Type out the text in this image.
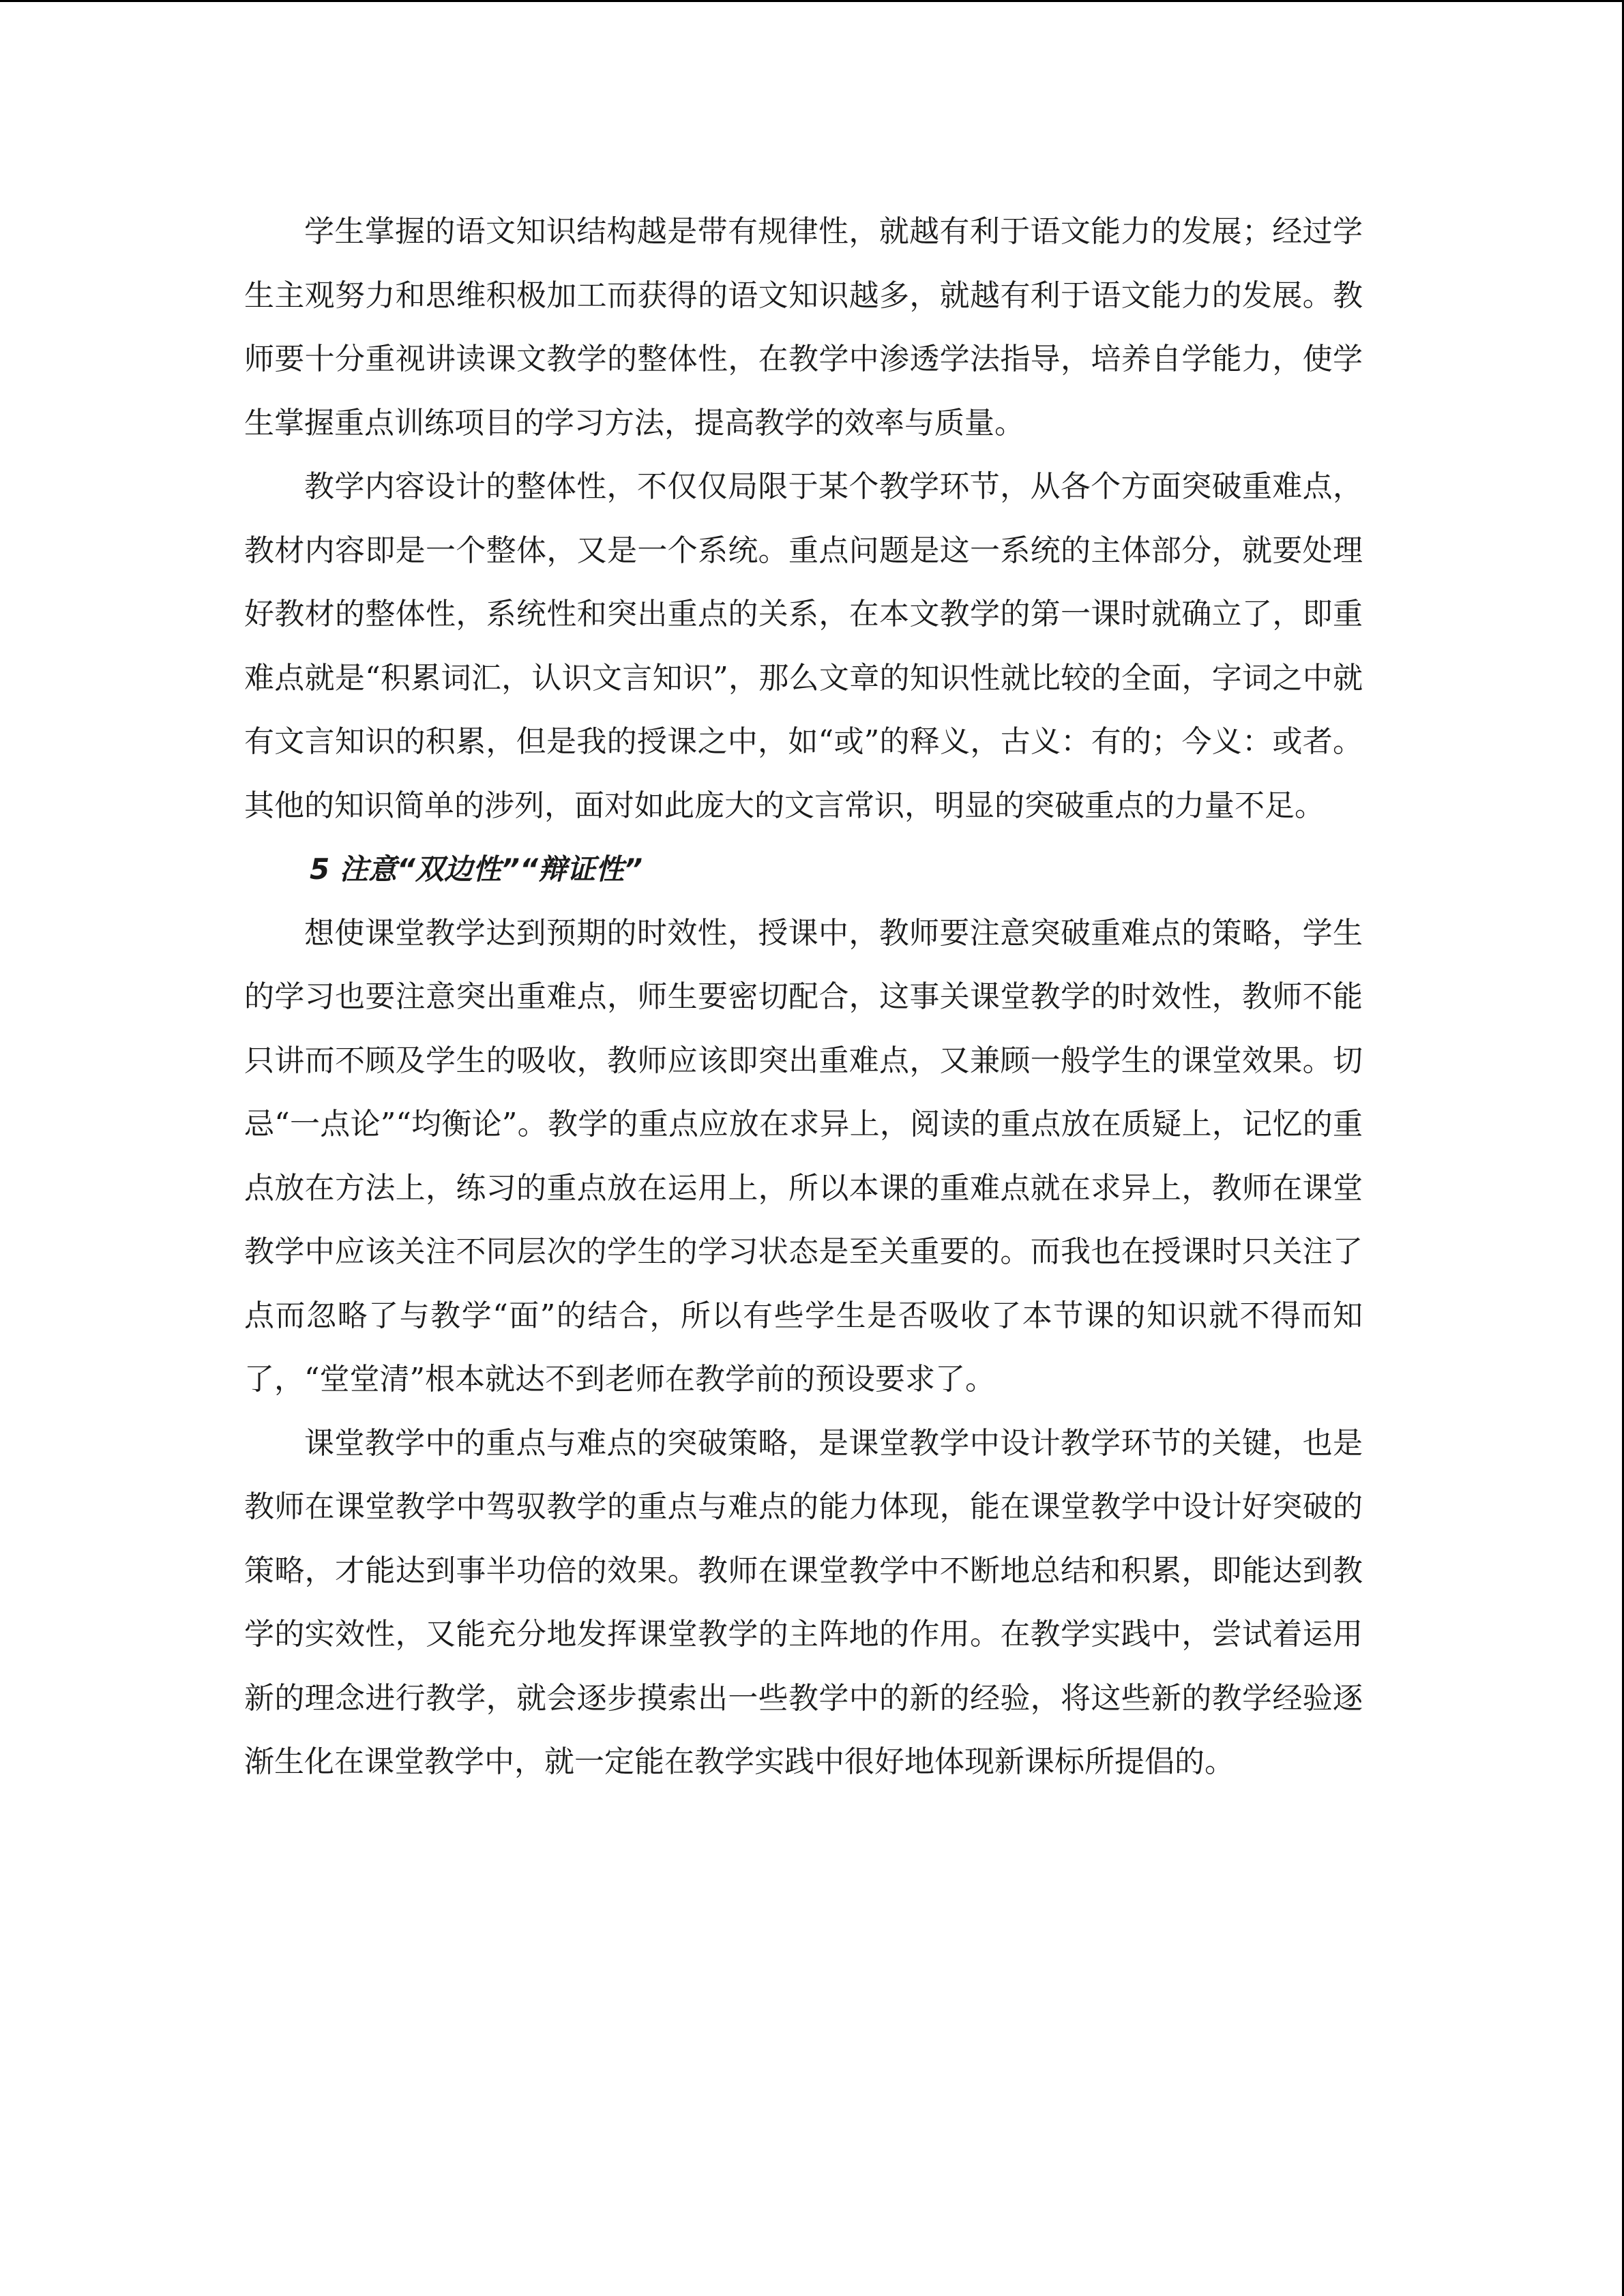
学生掌握的语文知识结构越是带有规律性，就越有利于语文能力的发展；经过学生主观努力和思维积极加工而获得的语文知识越多，就越有利于语文能力的发展。教师要十分重视讲读课文教学的整体性，在教学中渗透学法指导，培养自学能力，使学生掌握重点训练项目的学习方法，提高教学的效率与质量。

教学内容设计的整体性，不仅仅局限于某个教学环节，从各个方面突破重难点，教材内容即是一个整体，又是一个系统。重点问题是这一系统的主体部分，就要处理好教材的整体性，系统性和突出重点的关系，在本文教学的第一课时就确立了，即重难点就是“积累词汇，认识文言知识”，那么文章的知识性就比较的全面，字词之中就有文言知识的积累，但是我的授课之中，如“或”的释义，古义：有的；今义：或者。其他的知识简单的涉列，面对如此庞大的文言常识，明显的突破重点的力量不足。

5 注意“双边性”“辩证性”

想使课堂教学达到预期的时效性，授课中，教师要注意突破重难点的策略，学生的学习也要注意突出重难点，师生要密切配合，这事关课堂教学的时效性，教师不能只讲而不顾及学生的吸收，教师应该即突出重难点，又兼顾一般学生的课堂效果。切忌“一点论”“均衡论”。教学的重点应放在求异上，阅读的重点放在质疑上，记忆的重点放在方法上，练习的重点放在运用上，所以本课的重难点就在求异上，教师在课堂教学中应该关注不同层次的学生的学习状态是至关重要的。而我也在授课时只关注了点而忽略了与教学“面”的结合，所以有些学生是否吸收了本节课的知识就不得而知了，“堂堂清”根本就达不到老师在教学前的预设要求了。

课堂教学中的重点与难点的突破策略，是课堂教学中设计教学环节的关键，也是教师在课堂教学中驾驭教学的重点与难点的能力体现，能在课堂教学中设计好突破的策略，才能达到事半功倍的效果。教师在课堂教学中不断地总结和积累，即能达到教学的实效性，又能充分地发挥课堂教学的主阵地的作用。在教学实践中，尝试着运用新的理念进行教学，就会逐步摸索出一些教学中的新的经验，将这些新的教学经验逐渐生化在课堂教学中，就一定能在教学实践中很好地体现新课标所提倡的。
